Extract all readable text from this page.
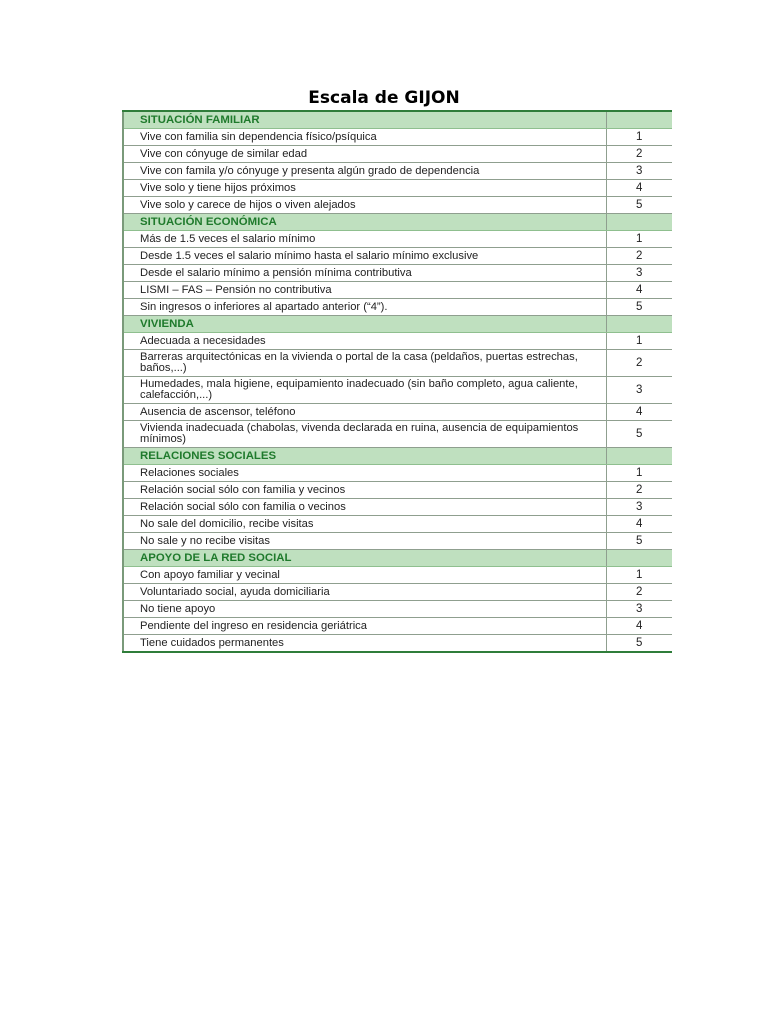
Escala de GIJON
SITUACIÓN FAMILIAR	
Vive con familia sin dependencia físico/psíquica	1
Vive con cónyuge de similar edad	2
Vive con famila y/o cónyuge y presenta algún grado de dependencia	3
Vive solo y tiene hijos próximos	4
Vive solo y carece de hijos o viven alejados	5
SITUACIÓN ECONÓMICA	
Más de 1.5 veces el salario mínimo	1
Desde 1.5 veces el salario mínimo hasta el salario mínimo exclusive	2
Desde el salario mínimo a pensión mínima contributiva	3
LISMI – FAS – Pensión no contributiva	4
Sin ingresos o inferiores al apartado anterior (“4”).	5
VIVIENDA	
Adecuada a necesidades	1
Barreras arquitectónicas en la vivienda o portal de la casa (peldaños, puertas estrechas, baños,...)	2
Humedades, mala higiene, equipamiento inadecuado (sin baño completo, agua caliente, calefacción,...)	3
Ausencia de ascensor, teléfono	4
Vivienda inadecuada (chabolas, vivenda declarada en ruina, ausencia de equipamientos mínimos)	5
RELACIONES SOCIALES	
Relaciones sociales	1
Relación social sólo con familia y vecinos	2
Relación social sólo con familia o vecinos	3
No sale del domicilio, recibe visitas	4
No sale y no recibe visitas	5
APOYO DE LA RED SOCIAL	
Con apoyo familiar y vecinal	1
Voluntariado social, ayuda domiciliaria	2
No tiene apoyo	3
Pendiente del ingreso en residencia geriátrica	4
Tiene cuidados permanentes	5
